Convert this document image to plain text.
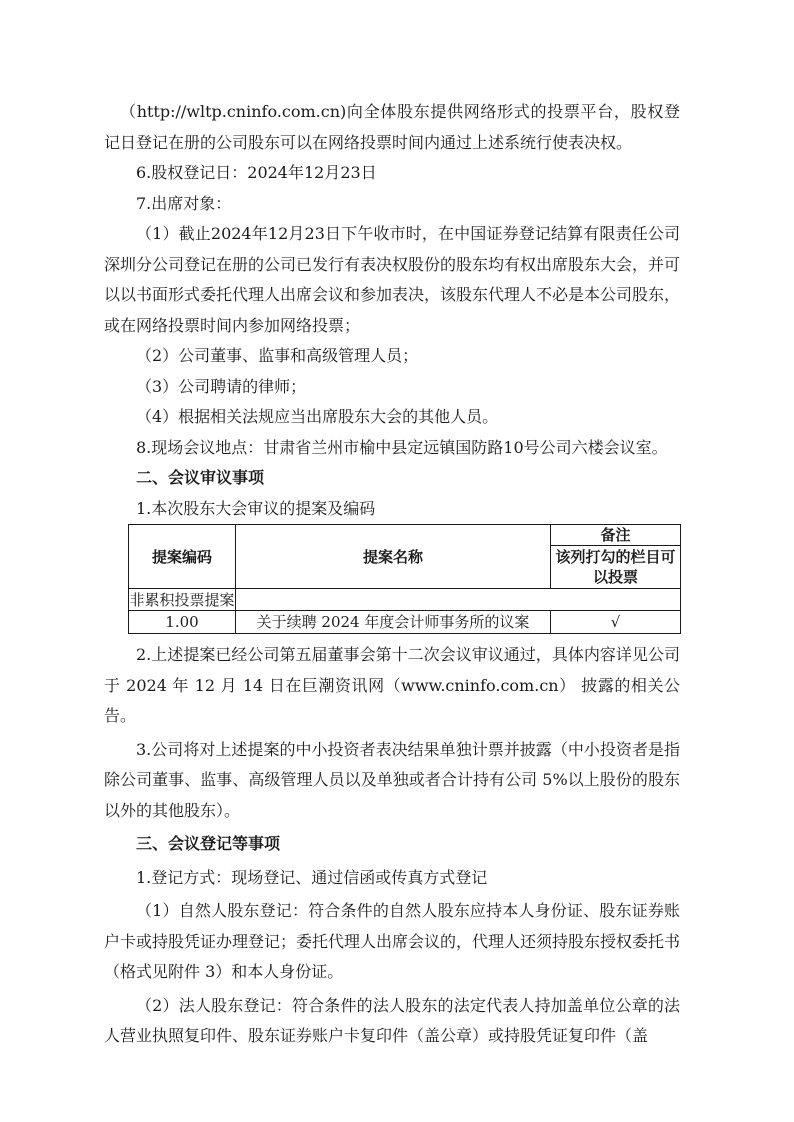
（http://wltp.cninfo.com.cn)向全体股东提供网络形式的投票平台，股权登记日登记在册的公司股东可以在网络投票时间内通过上述系统行使表决权。

6.股权登记日：2024年12月23日

7.出席对象：

（1）截止2024年12月23日下午收市时，在中国证券登记结算有限责任公司深圳分公司登记在册的公司已发行有表决权股份的股东均有权出席股东大会，并可以以书面形式委托代理人出席会议和参加表决，该股东代理人不必是本公司股东，或在网络投票时间内参加网络投票；

（2）公司董事、监事和高级管理人员；

（3）公司聘请的律师；

（4）根据相关法规应当出席股东大会的其他人员。

8.现场会议地点：甘肃省兰州市榆中县定远镇国防路10号公司六楼会议室。

二、会议审议事项

1.本次股东大会审议的提案及编码

提案编码	提案名称	备注
		该列打勾的栏目可以投票
非累积投票提案		
1.00	关于续聘 2024 年度会计师事务所的议案	√

2.上述提案已经公司第五届董事会第十二次会议审议通过，具体内容详见公司于 2024 年 12 月 14 日在巨潮资讯网（www.cninfo.com.cn） 披露的相关公告。

3.公司将对上述提案的中小投资者表决结果单独计票并披露（中小投资者是指除公司董事、监事、高级管理人员以及单独或者合计持有公司 5%以上股份的股东以外的其他股东）。

三、会议登记等事项

1.登记方式：现场登记、通过信函或传真方式登记

（1）自然人股东登记：符合条件的自然人股东应持本人身份证、股东证券账户卡或持股凭证办理登记；委托代理人出席会议的，代理人还须持股东授权委托书（格式见附件 3）和本人身份证。

（2）法人股东登记：符合条件的法人股东的法定代表人持加盖单位公章的法人营业执照复印件、股东证券账户卡复印件（盖公章）或持股凭证复印件（盖
